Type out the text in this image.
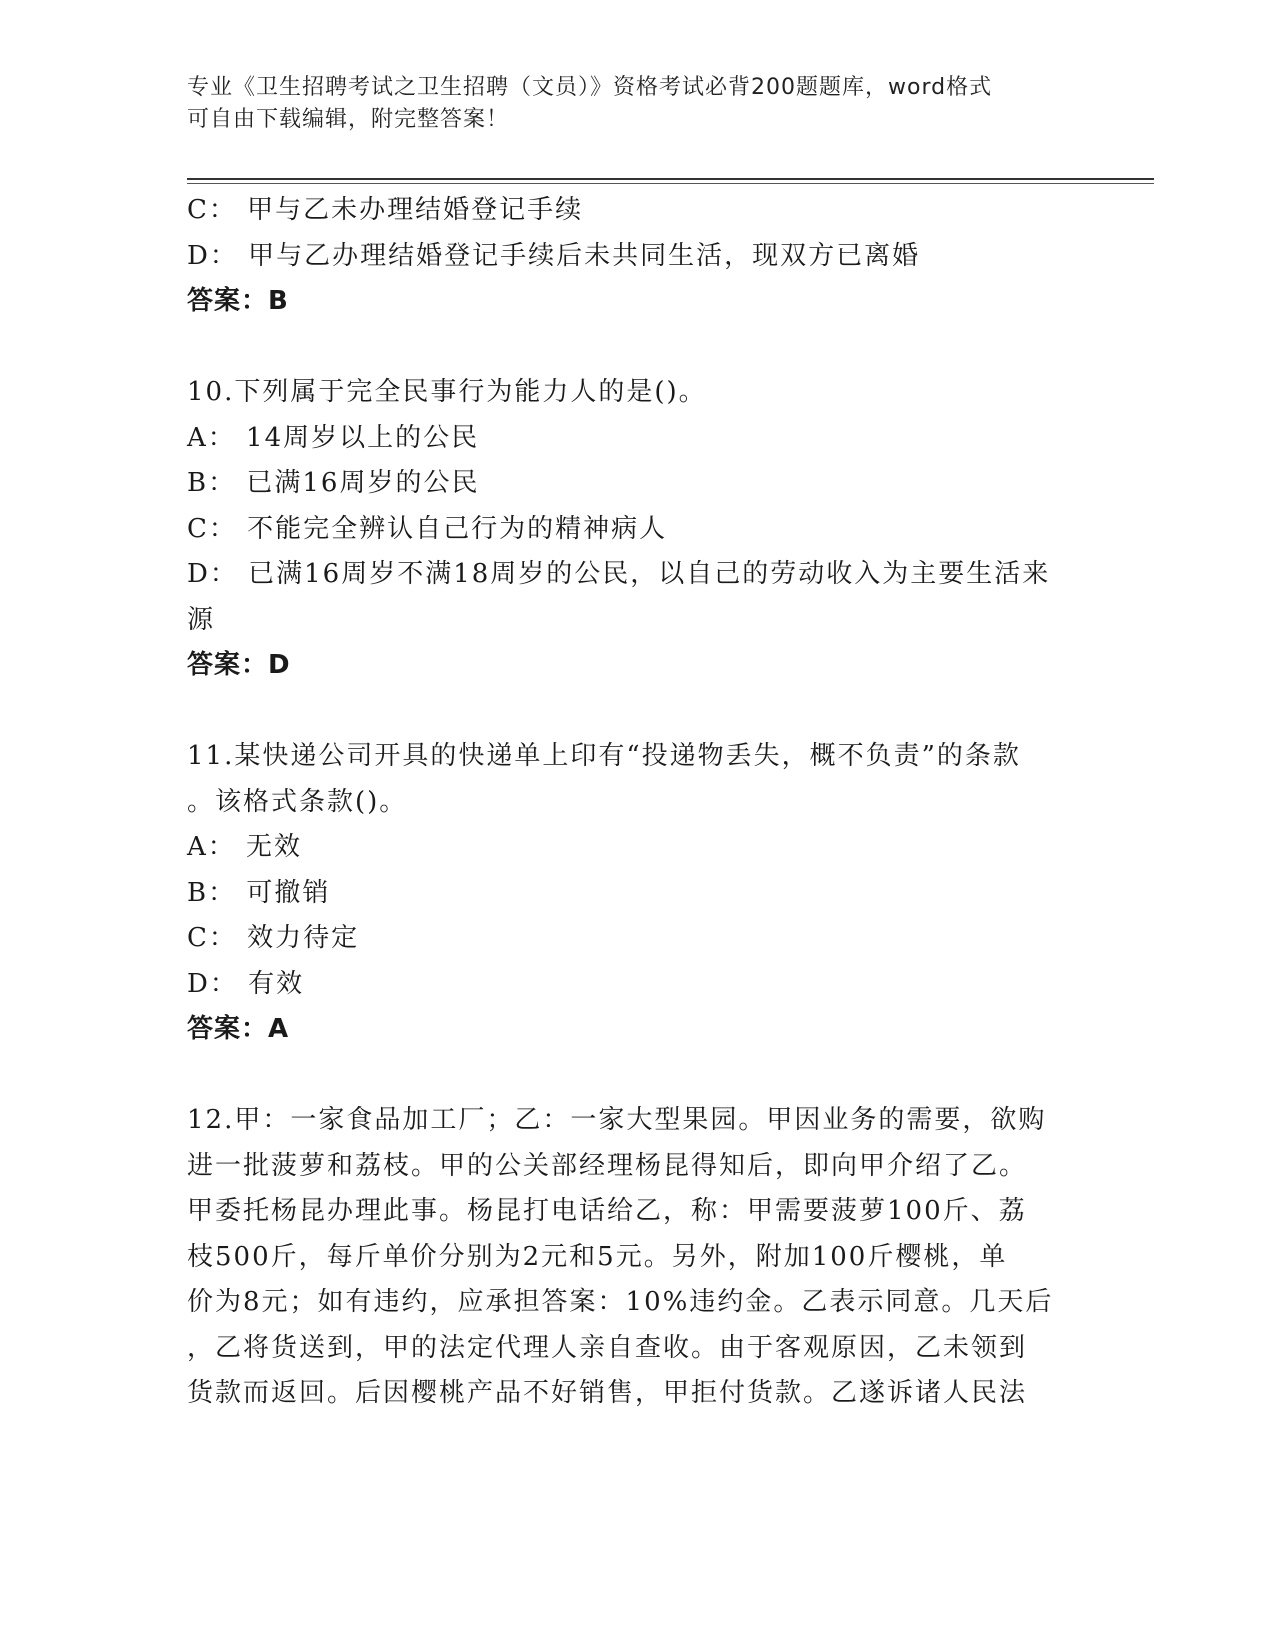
专业《卫生招聘考试之卫生招聘（文员）》资格考试必背200题题库，word格式
可自由下载编辑，附完整答案！
C： 甲与乙未办理结婚登记手续
D： 甲与乙办理结婚登记手续后未共同生活，现双方已离婚
答案：B
10.下列属于完全民事行为能力人的是()。
A： 14周岁以上的公民
B： 已满16周岁的公民
C： 不能完全辨认自己行为的精神病人
D： 已满16周岁不满18周岁的公民，以自己的劳动收入为主要生活来
源
答案：D
11.某快递公司开具的快递单上印有“投递物丢失，概不负责”的条款
。该格式条款()。
A： 无效
B： 可撤销
C： 效力待定
D： 有效
答案：A
12.甲：一家食品加工厂；乙：一家大型果园。甲因业务的需要，欲购
进一批菠萝和荔枝。甲的公关部经理杨昆得知后，即向甲介绍了乙。
甲委托杨昆办理此事。杨昆打电话给乙，称：甲需要菠萝100斤、荔
枝500斤，每斤单价分别为2元和5元。另外，附加100斤樱桃，单
价为8元；如有违约，应承担答案：10%违约金。乙表示同意。几天后
，乙将货送到，甲的法定代理人亲自查收。由于客观原因，乙未领到
货款而返回。后因樱桃产品不好销售，甲拒付货款。乙遂诉诸人民法
